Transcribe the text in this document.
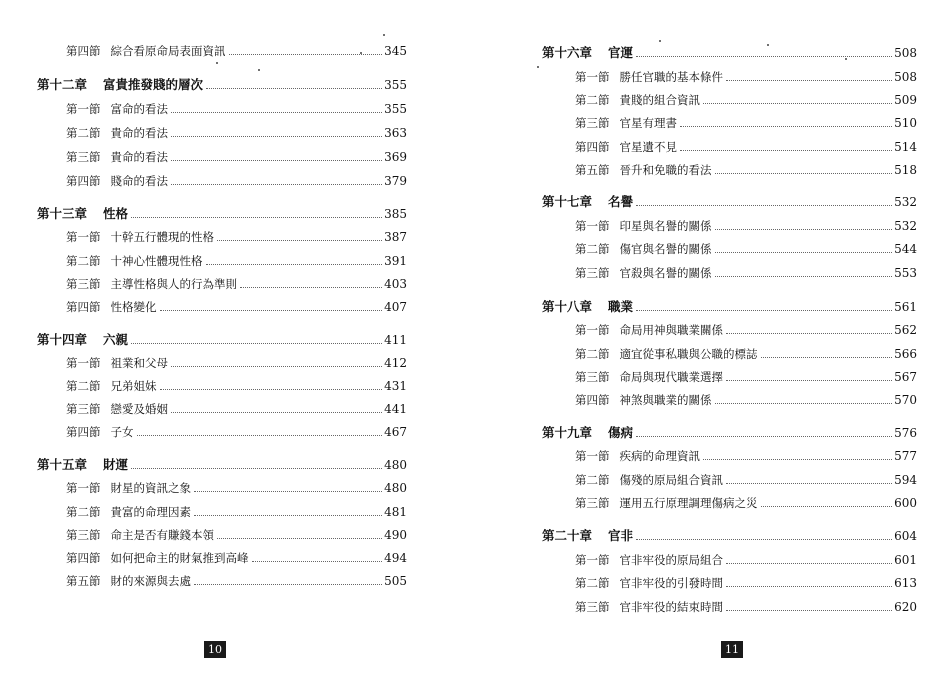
第四節 綜合看原命局表面資訊	345
第十二章 富貴推發賤的層次	355
第一節 富命的看法	355
第二節 貴命的看法	363
第三節 貴命的看法	369
第四節 賤命的看法	379
第十三章 性格	385
第一節 十幹五行體現的性格	387
第二節 十神心性體現性格	391
第三節 主導性格與人的行為準則	403
第四節 性格變化	407
第十四章 六親	411
第一節 祖業和父母	412
第二節 兄弟姐妹	431
第三節 戀愛及婚姻	441
第四節 子女	467
第十五章 財運	480
第一節 財星的資訊之象	480
第二節 貴富的命理因素	481
第三節 命主是否有賺錢本領	490
第四節 如何把命主的財氣推到高峰	494
第五節 財的來源與去處	505
10
第十六章 官運	508
第一節 勝任官職的基本條件	508
第二節 貴賤的組合資訊	509
第三節 官星有理書	510
第四節 官星遺不見	514
第五節 晉升和免職的看法	518
第十七章 名譽	532
第一節 印星與名譽的關係	532
第二節 傷官與名譽的關係	544
第三節 官殺與名譽的關係	553
第十八章 職業	561
第一節 命局用神與職業關係	562
第二節 適宜從事私職與公職的標誌	566
第三節 命局與現代職業選擇	567
第四節 神煞與職業的關係	570
第十九章 傷病	576
第一節 疾病的命理資訊	577
第二節 傷殘的原局組合資訊	594
第三節 運用五行原理調理傷病之災	600
第二十章 官非	604
第一節 官非牢役的原局組合	601
第二節 官非牢役的引發時間	613
第三節 官非牢役的結束時間	620
11
